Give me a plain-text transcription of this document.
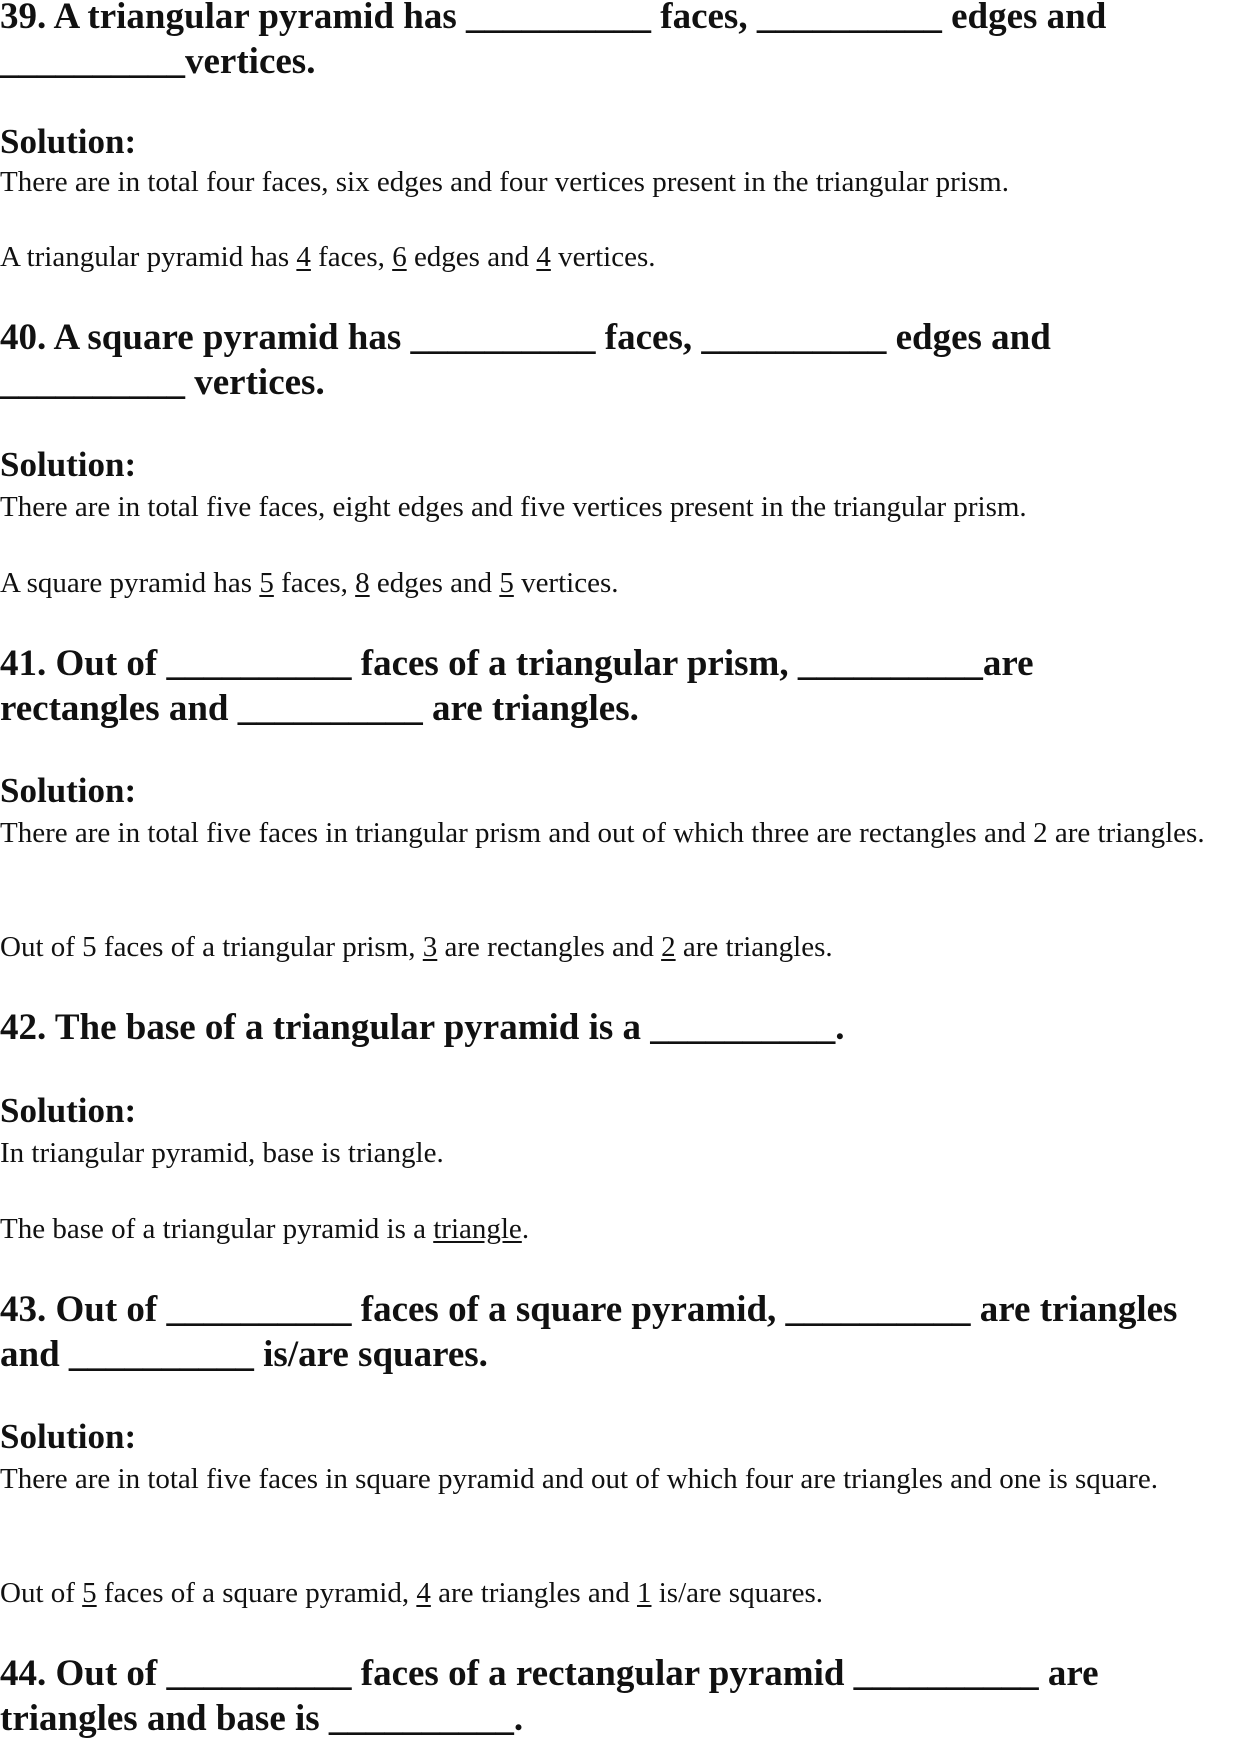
39. A triangular pyramid has __________ faces, __________ edges and
__________vertices.
Solution:

There are in total four faces, six edges and four vertices present in the triangular prism.

A triangular pyramid has 4 faces, 6 edges and 4 vertices.

40. A square pyramid has __________ faces, __________ edges and
__________ vertices.
Solution:

There are in total five faces, eight edges and five vertices present in the triangular prism.

A square pyramid has 5 faces, 8 edges and 5 vertices.

41. Out of __________ faces of a triangular prism, __________are
rectangles and __________ are triangles.
Solution:

There are in total five faces in triangular prism and out of which three are rectangles and 2 are triangles.

Out of 5 faces of a triangular prism, 3 are rectangles and 2 are triangles.

42. The base of a triangular pyramid is a __________.
Solution:

In triangular pyramid, base is triangle.

The base of a triangular pyramid is a triangle.

43. Out of __________ faces of a square pyramid, __________ are triangles
and __________ is/are squares.
Solution:

There are in total five faces in square pyramid and out of which four are triangles and one is square.

Out of 5 faces of a square pyramid, 4 are triangles and 1 is/are squares.

44. Out of __________ faces of a rectangular pyramid __________ are
triangles and base is __________.
